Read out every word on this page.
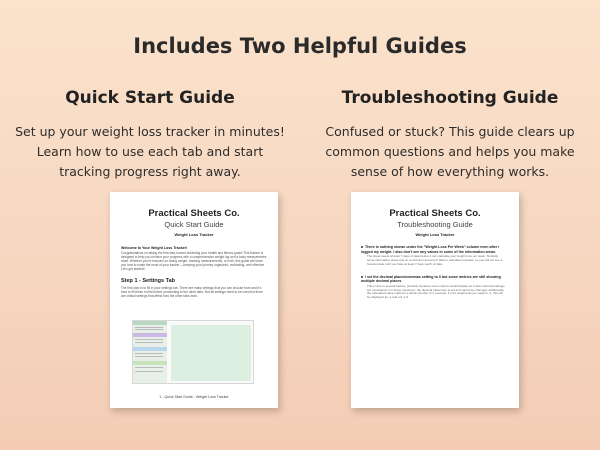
Includes Two Helpful Guides
Quick Start Guide

Set up your weight loss tracker in minutes! Learn how to use each tab and start tracking progress right away.

Troubleshooting Guide

Confused or stuck? This guide clears up common questions and helps you make sense of how everything works.

Practical Sheets Co.
Quick Start Guide
Weight Loss Tracker
Welcome to Your Weight Loss Tracker!
Congratulations on taking the first step toward achieving your health and fitness goals! This tracker is designed to help you monitor your progress with a comprehensive weight log and a body measurement chart. Whether you're focused on losing weight, tracking measurements, or both, this guide will show you how to make the most of your tracker —keeping your journey organized, motivating, and effective. Let's get started!
Step 1 - Settings Tab
The first step is to fill in your settings tab. There are many settings that you can choose from and it's best to fill these in first before proceeding to the other tabs. Not all settings need to be used but there are critical settings that affect how the other tabs work.
1 - Quick Start Guide - Weight Loss Tracker
Practical Sheets Co.
Troubleshooting Guide
Weight Loss Tracker
There is nothing shown under the "Weight Loss Per Week" column even after I logged my weight. I also don't see any values in some of the information areas.
The sheet needs at least 7 days of data before it can calculate your weight loss per week. Similarly, some information areas rely on a minimum amount of data to calculate forecasts, so you will not see a forecast date until you have at least 7 days worth of data.
I set the decimal places/commas setting to 0 but some metrics are still showing multiple decimal places
This is due to several factors, primarily because some metrics would display as 0 when decimal settings are considered. For those measures, the decimal placement is set and cannot be changed. Additionally, the calculated value might be a whole number. For example, if your weight loss per week is -1, this will be displayed as -1 and not -1.0.
